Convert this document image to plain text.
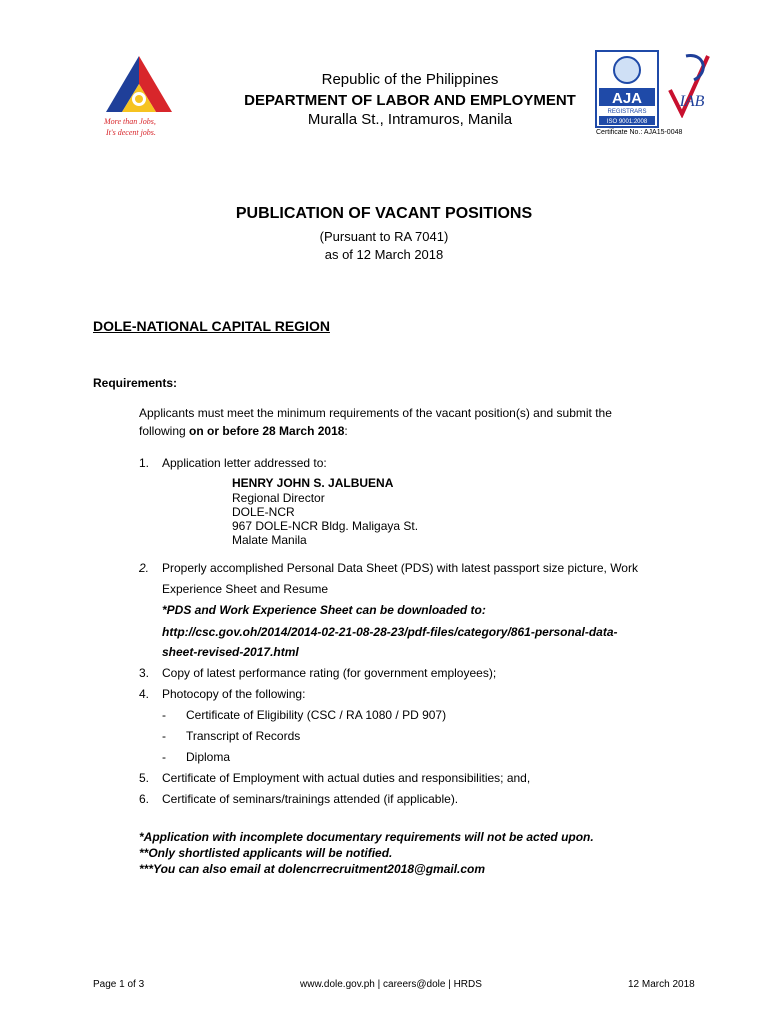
More than Jobs,
It's decent jobs.
Republic of the Philippines
DEPARTMENT OF LABOR AND EMPLOYMENT
Muralla St., Intramuros, Manila
AJA
REGISTRARS
ISO 9001:2008
IAB
Certificate No.: AJA15-0048
PUBLICATION OF VACANT POSITIONS
(Pursuant to RA 7041)
as of 12 March 2018
DOLE-NATIONAL CAPITAL REGION
Requirements:
Applicants must meet the minimum requirements of the vacant position(s) and submit the
following on or before 28 March 2018:
1. Application letter addressed to:
HENRY JOHN S. JALBUENA
Regional Director
DOLE-NCR
967 DOLE-NCR Bldg. Maligaya St.
Malate Manila
2. Properly accomplished Personal Data Sheet (PDS) with latest passport size picture, Work
Experience Sheet and Resume
*PDS and Work Experience Sheet can be downloaded to:
http://csc.gov.oh/2014/2014-02-21-08-28-23/pdf-files/category/861-personal-data-
sheet-revised-2017.html
3. Copy of latest performance rating (for government employees);
4. Photocopy of the following:
- Certificate of Eligibility (CSC / RA 1080 / PD 907)
- Transcript of Records
- Diploma
5. Certificate of Employment with actual duties and responsibilities; and,
6. Certificate of seminars/trainings attended (if applicable).
*Application with incomplete documentary requirements will not be acted upon.
**Only shortlisted applicants will be notified.
***You can also email at dolencrrecruitment2018@gmail.com
Page 1 of 3	www.dole.gov.ph | careers@dole | HRDS	12 March 2018
